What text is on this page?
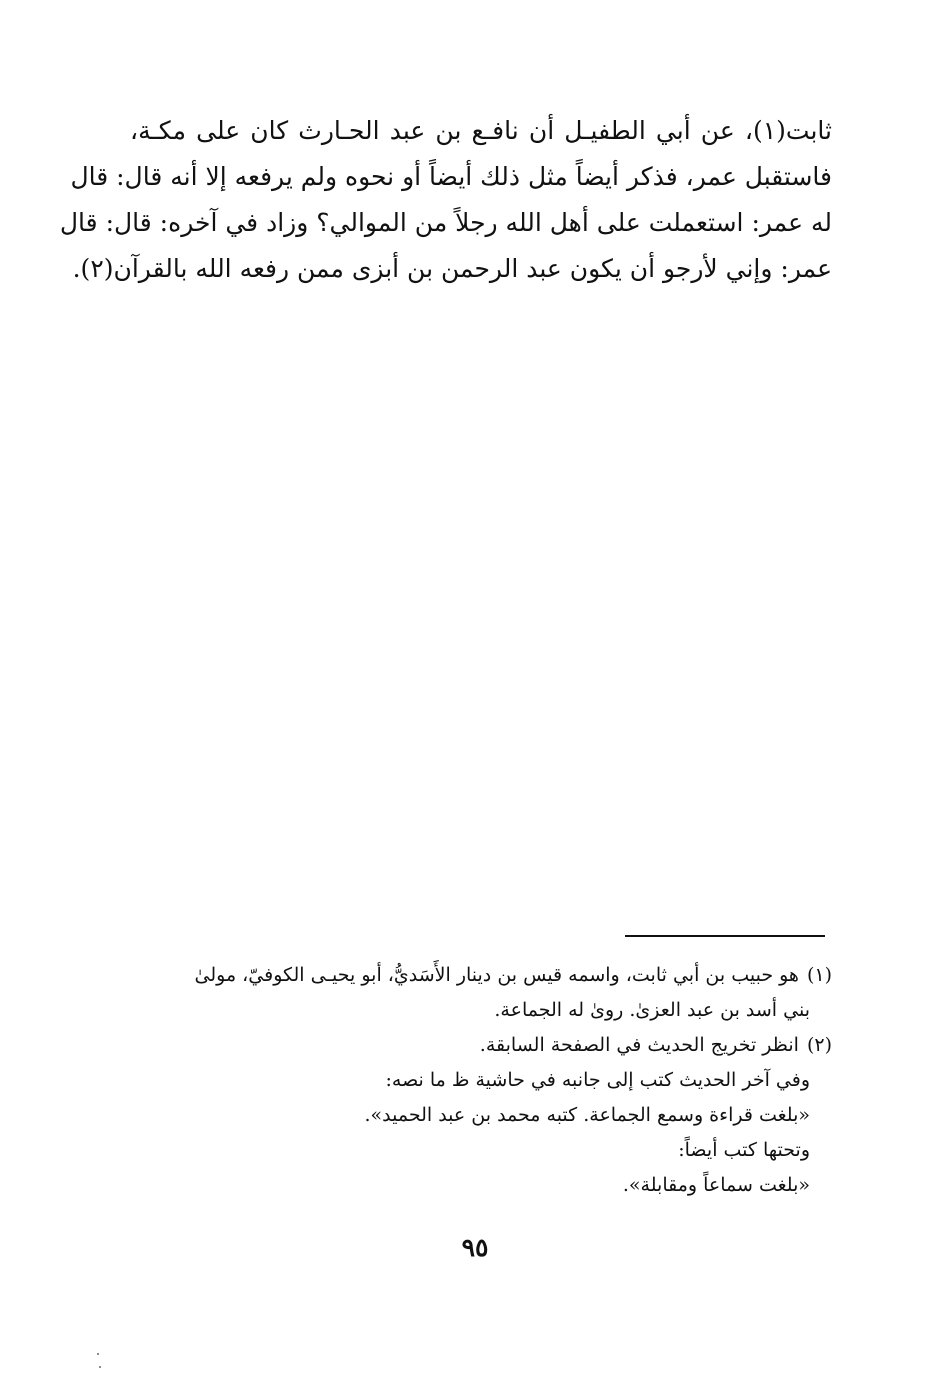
ثابت(١)، عن أبي الطفيـل أن نافـع بن عبد الحـارث كان على مكـة،
فاستقبل عمر، فذكر أيضاً مثل ذلك أيضاً أو نحوه ولم يرفعه إلا أنه قال: قال
له عمر: استعملت على أهل الله رجلاً من الموالي؟ وزاد في آخره: قال: قال
عمر: وإني لأرجو أن يكون عبد الرحمن بن أبزى ممن رفعه الله بالقرآن(٢).
(١)هو حبيب بن أبي ثابت، واسمه قيس بن دينار الأَسَديُّ، أبو يحيـى الكوفيّ، مولىٰ
بني أسد بن عبد العزىٰ. روىٰ له الجماعة.
(٢)انظر تخريج الحديث في الصفحة السابقة.
وفي آخر الحديث كتب إلى جانبه في حاشية ظ ما نصه:
«بلغت قراءة وسمع الجماعة. كتبه محمد بن عبد الحميد».
وتحتها كتب أيضاً:
«بلغت سماعاً ومقابلة».
٩٥
